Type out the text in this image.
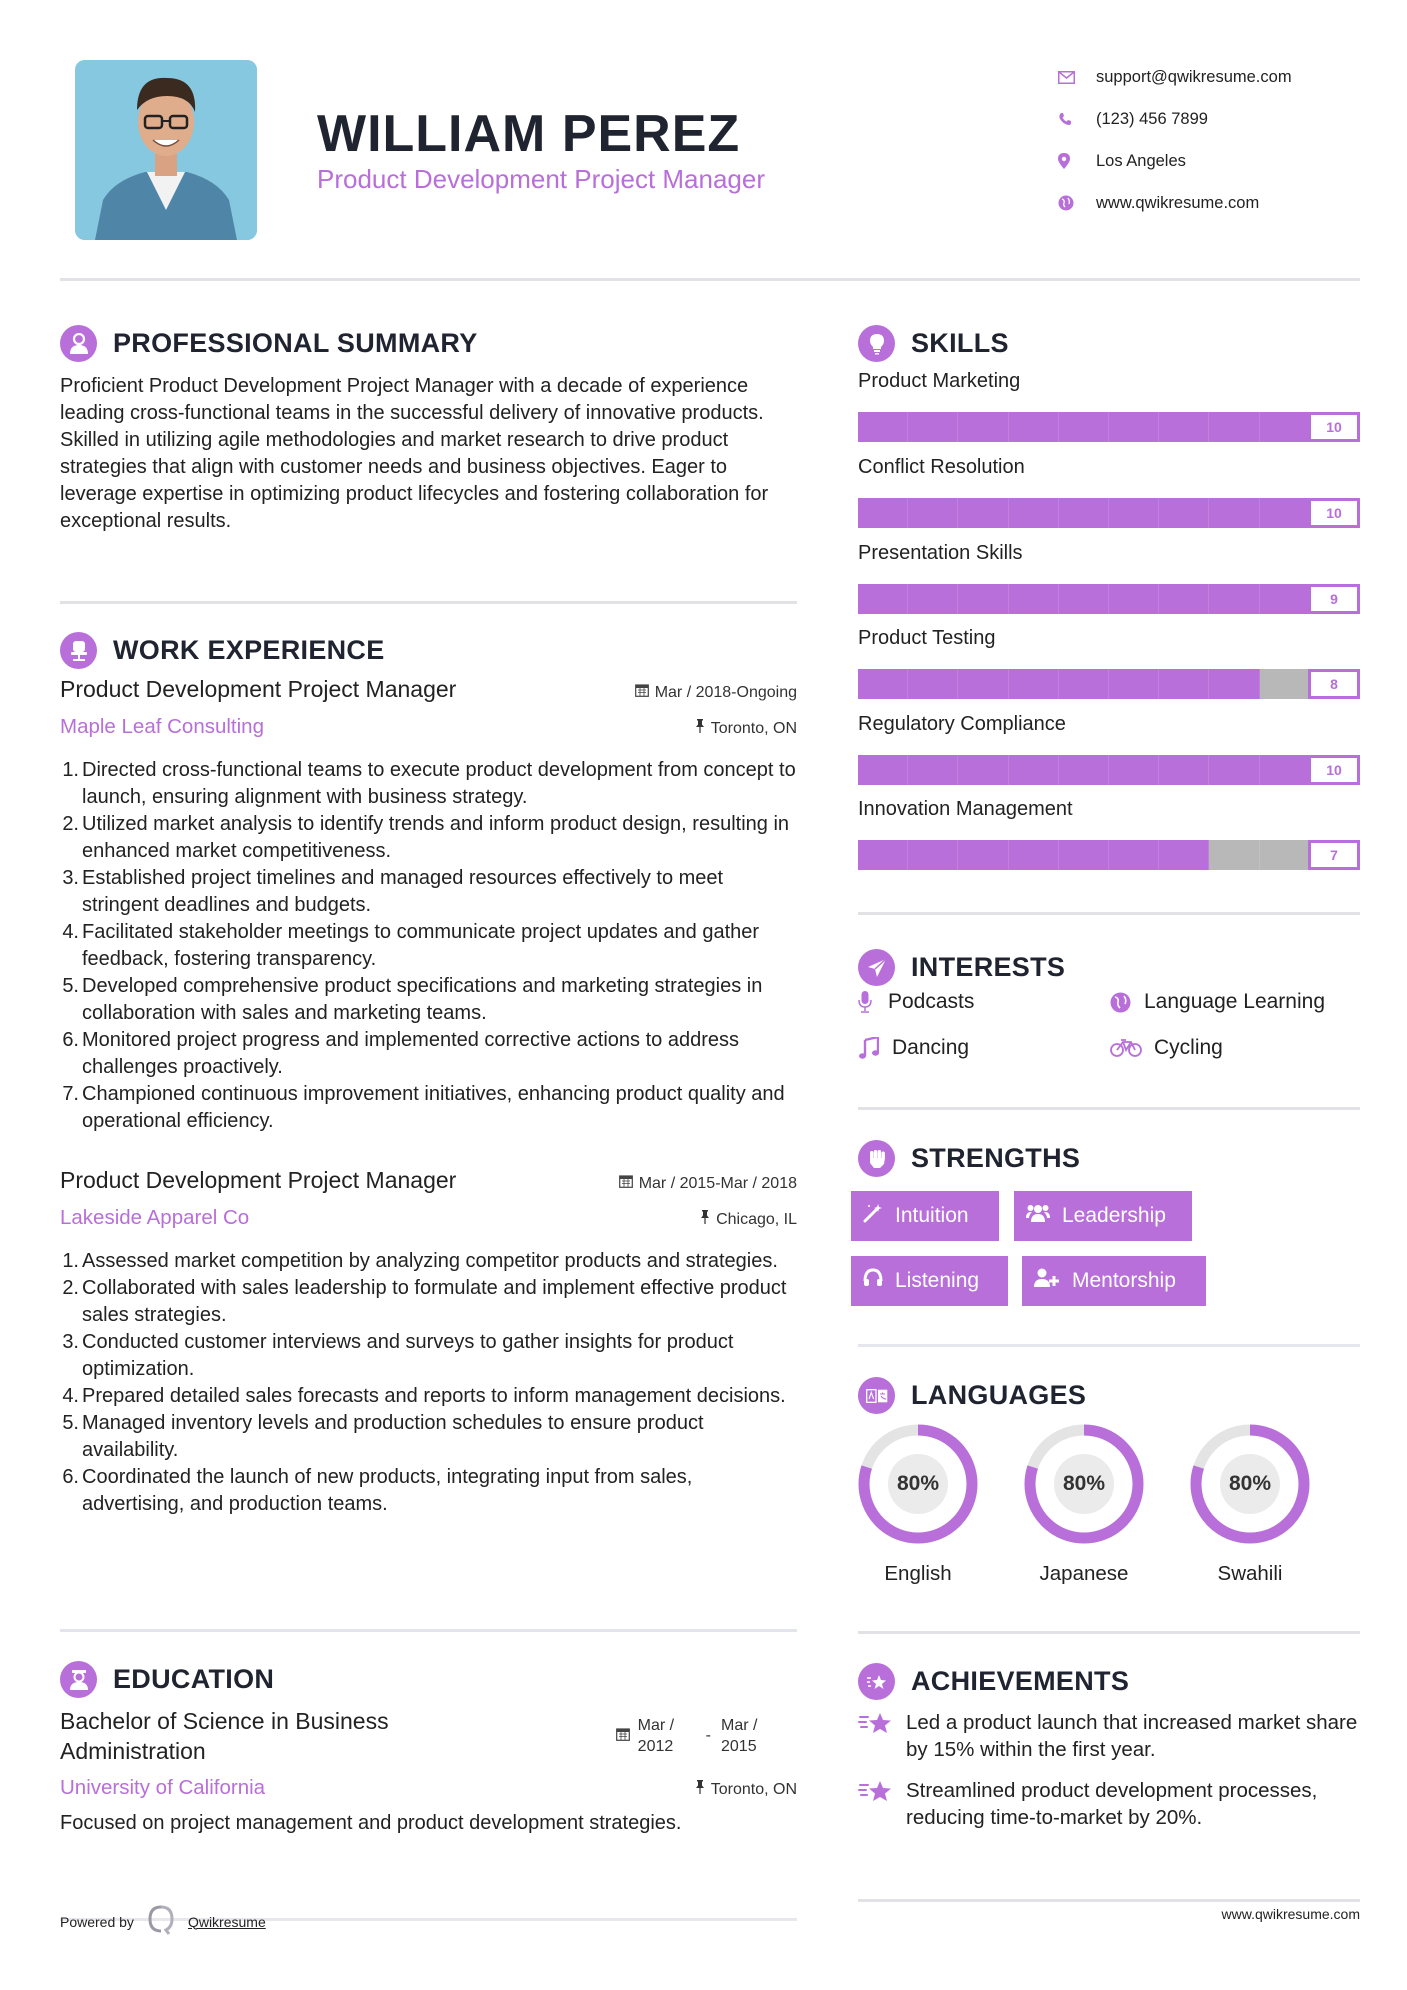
WILLIAM PEREZ
Product Development Project Manager
support@qwikresume.com
(123) 456 7899
Los Angeles
www.qwikresume.com
PROFESSIONAL SUMMARY
Proficient Product Development Project Manager with a decade of experience leading cross-functional teams in the successful delivery of innovative products. Skilled in utilizing agile methodologies and market research to drive product strategies that align with customer needs and business objectives. Eager to leverage expertise in optimizing product lifecycles and fostering collaboration for exceptional results.
WORK EXPERIENCE
Product Development Project Manager	Mar / 2018-Ongoing
Maple Leaf Consulting	Toronto, ON
1. Directed cross-functional teams to execute product development from concept to launch, ensuring alignment with business strategy.
2. Utilized market analysis to identify trends and inform product design, resulting in enhanced market competitiveness.
3. Established project timelines and managed resources effectively to meet stringent deadlines and budgets.
4. Facilitated stakeholder meetings to communicate project updates and gather feedback, fostering transparency.
5. Developed comprehensive product specifications and marketing strategies in collaboration with sales and marketing teams.
6. Monitored project progress and implemented corrective actions to address challenges proactively.
7. Championed continuous improvement initiatives, enhancing product quality and operational efficiency.
Product Development Project Manager	Mar / 2015-Mar / 2018
Lakeside Apparel Co	Chicago, IL
1. Assessed market competition by analyzing competitor products and strategies.
2. Collaborated with sales leadership to formulate and implement effective product sales strategies.
3. Conducted customer interviews and surveys to gather insights for product optimization.
4. Prepared detailed sales forecasts and reports to inform management decisions.
5. Managed inventory levels and production schedules to ensure product availability.
6. Coordinated the launch of new products, integrating input from sales, advertising, and production teams.
EDUCATION
Bachelor of Science in Business Administration
Mar / 2012
-
Mar / 2015
University of California	Toronto, ON
Focused on project management and product development strategies.
SKILLS
Product Marketing
10
Conflict Resolution
10
Presentation Skills
9
Product Testing
8
Regulatory Compliance
10
Innovation Management
7
INTERESTS
Podcasts	Language Learning
Dancing	Cycling
STRENGTHS
Intuition	Leadership
Listening	Mentorship
LANGUAGES
80%
English
80%
Japanese
80%
Swahili
ACHIEVEMENTS
Led a product launch that increased market share by 15% within the first year.
Streamlined product development processes, reducing time-to-market by 20%.
Powered by	Qwikresume	www.qwikresume.com
